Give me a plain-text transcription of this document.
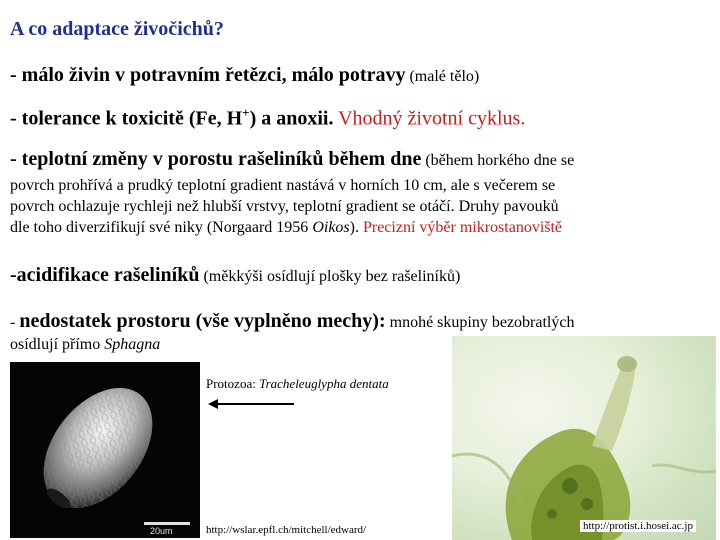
A co adaptace živočichů?
- málo živin v potravním řetězci, málo potravy (malé tělo)
- tolerance k toxicitě (Fe, H+) a anoxii. Vhodný životní cyklus.
- teplotní změny v porostu rašeliníků během dne (během horkého dne se
povrch prohřívá a prudký teplotní gradient nastává v horních 10 cm, ale s večerem se
povrch ochlazuje rychleji než hlubší vrstvy, teplotní gradient se otáčí. Druhy pavouků
dle toho diverzifikují své niky (Norgaard 1956 Oikos). Precizní výběr mikrostanoviště
-acidifikace rašeliníků (měkkýši osídlují plošky bez rašeliníků)
- nedostatek prostoru (vše vyplněno mechy): mnohé skupiny bezobratlých
osídlují přímo Sphagna
20um
Protozoa: Tracheleuglypha dentata
http://wslar.epfl.ch/mitchell/edward/	http://protist.i.hosei.ac.jp
